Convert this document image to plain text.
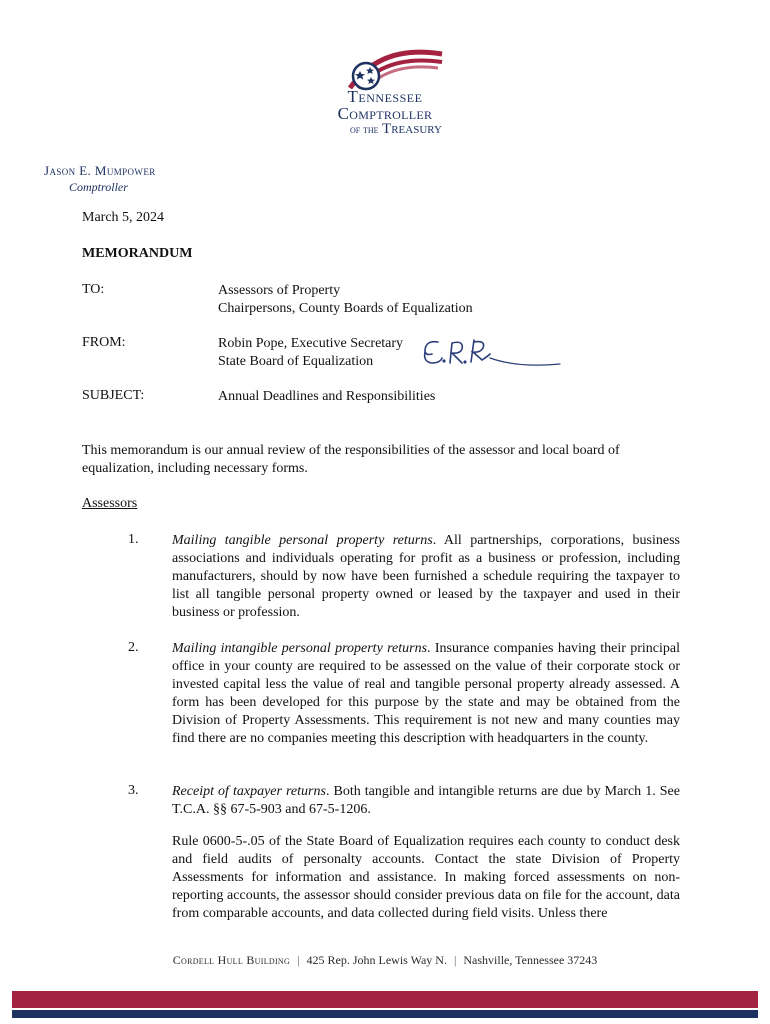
Tennessee
Comptroller
of the Treasury
Jason E. Mumpower
Comptroller
March 5, 2024
MEMORANDUM
TO:	Assessors of Property
Chairpersons, County Boards of Equalization
FROM:	Robin Pope, Executive Secretary
State Board of Equalization
SUBJECT:	Annual Deadlines and Responsibilities
This memorandum is our annual review of the responsibilities of the assessor and local board of equalization, including necessary forms.
Assessors
1. Mailing tangible personal property returns. All partnerships, corporations, business associations and individuals operating for profit as a business or profession, including manufacturers, should by now have been furnished a schedule requiring the taxpayer to list all tangible personal property owned or leased by the taxpayer and used in their business or profession.
2. Mailing intangible personal property returns. Insurance companies having their principal office in your county are required to be assessed on the value of their corporate stock or invested capital less the value of real and tangible personal property already assessed. A form has been developed for this purpose by the state and may be obtained from the Division of Property Assessments. This requirement is not new and many counties may find there are no companies meeting this description with headquarters in the county.
3. Receipt of taxpayer returns. Both tangible and intangible returns are due by March 1. See T.C.A. §§ 67-5-903 and 67-5-1206.
Rule 0600-5-.05 of the State Board of Equalization requires each county to conduct desk and field audits of personalty accounts. Contact the state Division of Property Assessments for information and assistance. In making forced assessments on non-reporting accounts, the assessor should consider previous data on file for the account, data from comparable accounts, and data collected during field visits. Unless there
Cordell Hull Building | 425 Rep. John Lewis Way N. | Nashville, Tennessee 37243
